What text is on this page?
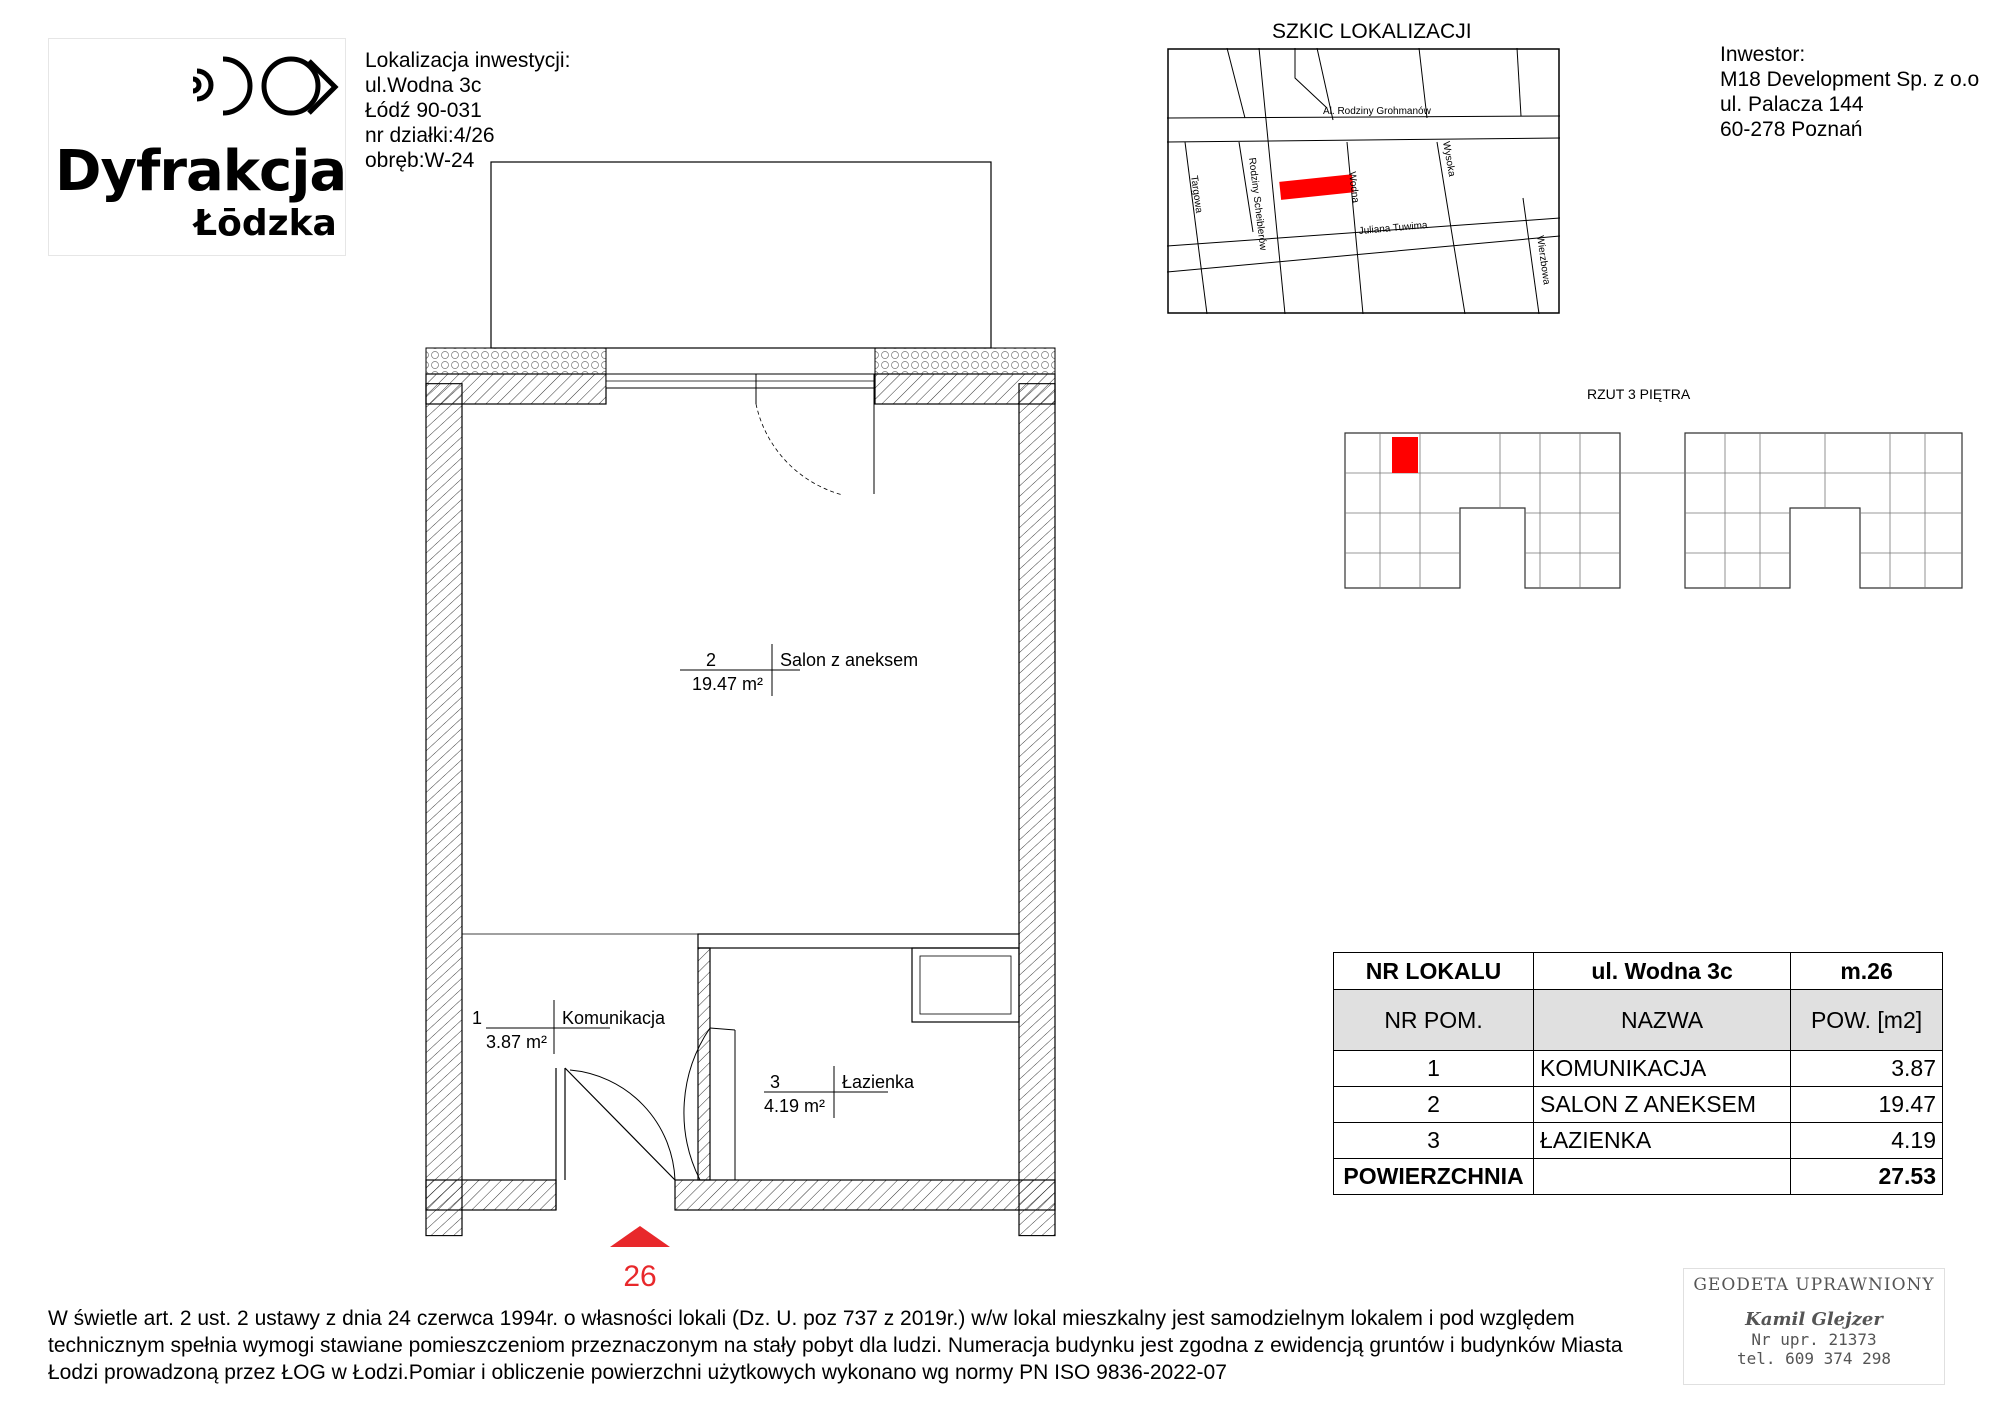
Dyfrakcja
Łōdzka
Lokalizacja inwestycji:
ul.Wodna 3c
Łódź 90-031
nr działki:4/26
obręb:W-24
SZKIC LOKALIZACJI
Al. Rodziny Grohmanów
Rodziny Scheiblerów	Wodna
Wysoka
Targowa
Juliana Tuwima
Wierzbowa
Inwestor:
M18 Development Sp. z o.o
ul. Palacza 144
60-278 Poznań
RZUT 3 PIĘTRA
2	Salon z aneksem
19.47 m²
1	Komunikacja
3.87 m²
3	Łazienka
4.19 m²
26
NR LOKALU	ul. Wodna 3c	m.26
NR POM.	NAZWA	POW. [m2]
1	KOMUNIKACJA	3.87
2	SALON Z ANEKSEM	19.47
3	ŁAZIENKA	4.19
POWIERZCHNIA		27.53
W świetle art. 2 ust. 2 ustawy z dnia 24 czerwca 1994r. o własności lokali (Dz. U. poz 737 z 2019r.) w/w lokal mieszkalny jest samodzielnym lokalem i pod względem
technicznym spełnia wymogi stawiane pomieszczeniom przeznaczonym na stały pobyt dla ludzi. Numeracja budynku jest zgodna z ewidencją gruntów i budynków Miasta
Łodzi prowadzoną przez ŁOG w Łodzi.Pomiar i obliczenie powierzchni użytkowych wykonano wg normy PN ISO 9836-2022-07
GEODETA UPRAWNIONY
Kamil Glejzer
Nr upr. 21373
tel. 609 374 298
